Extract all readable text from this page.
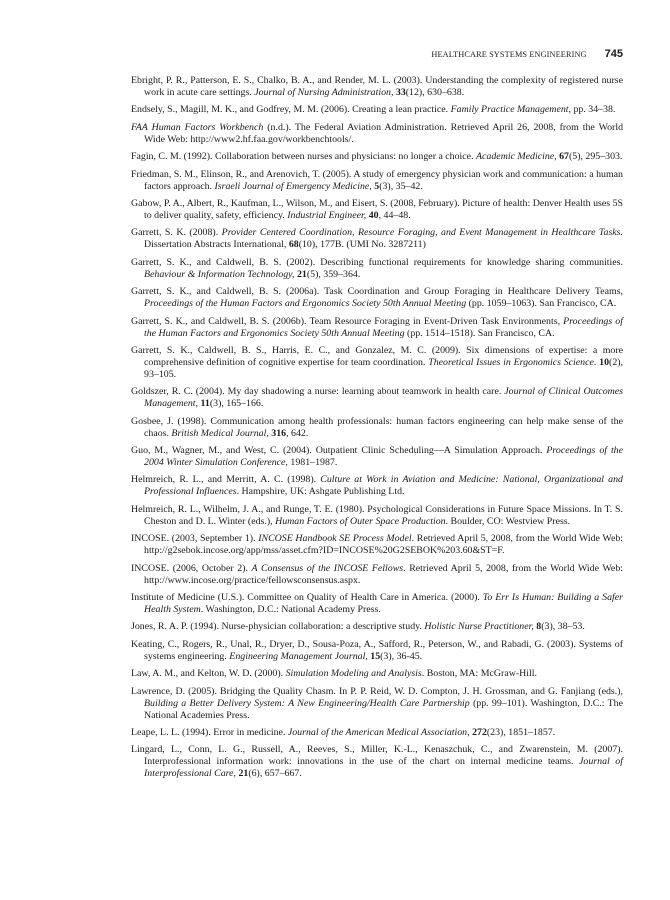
HEALTHCARE SYSTEMS ENGINEERING 745

Ebright, P. R., Patterson, E. S., Chalko, B. A., and Render, M. L. (2003). Understanding the complexity of registered nurse work in acute care settings. Journal of Nursing Administration, 33(12), 630–638.

Endsely, S., Magill, M. K., and Godfrey, M. M. (2006). Creating a lean practice. Family Practice Management, pp. 34–38.

FAA Human Factors Workbench (n.d.). The Federal Aviation Administration. Retrieved April 26, 2008, from the World Wide Web: http://www2.hf.faa.gov/workbenchtools/.

Fagin, C. M. (1992). Collaboration between nurses and physicians: no longer a choice. Academic Medicine, 67(5), 295–303.

Friedman, S. M., Elinson, R., and Arenovich, T. (2005). A study of emergency physician work and communication: a human factors approach. Israeli Journal of Emergency Medicine, 5(3), 35–42.

Gabow, P. A., Albert, R., Kaufman, L., Wilson, M., and Eisert, S. (2008, February). Picture of health: Denver Health uses 5S to deliver quality, safety, efficiency. Industrial Engineer, 40, 44–48.

Garrett, S. K. (2008). Provider Centered Coordination, Resource Foraging, and Event Management in Healthcare Tasks. Dissertation Abstracts International, 68(10), 177B. (UMI No. 3287211)

Garrett, S. K., and Caldwell, B. S. (2002). Describing functional requirements for knowledge sharing communities. Behaviour & Information Technology, 21(5), 359–364.

Garrett, S. K., and Caldwell, B. S. (2006a). Task Coordination and Group Foraging in Healthcare Delivery Teams, Proceedings of the Human Factors and Ergonomics Society 50th Annual Meeting (pp. 1059–1063). San Francisco, CA.

Garrett, S. K., and Caldwell, B. S. (2006b). Team Resource Foraging in Event-Driven Task Environments, Proceedings of the Human Factors and Ergonomics Society 50th Annual Meeting (pp. 1514–1518). San Francisco, CA.

Garrett, S. K., Caldwell, B. S., Harris, E. C., and Gonzalez, M. C. (2009). Six dimensions of expertise: a more comprehensive definition of cognitive expertise for team coordination. Theoretical Issues in Ergonomics Science. 10(2), 93–105.

Goldszer, R. C. (2004). My day shadowing a nurse: learning about teamwork in health care. Journal of Clinical Outcomes Management, 11(3), 165–166.

Gosbee, J. (1998). Communication among health professionals: human factors engineering can help make sense of the chaos. British Medical Journal, 316, 642.

Guo, M., Wagner, M., and West, C. (2004). Outpatient Clinic Scheduling—A Simulation Approach. Proceedings of the 2004 Winter Simulation Conference, 1981–1987.

Helmreich, R. L., and Merritt, A. C. (1998). Culture at Work in Aviation and Medicine: National, Organizational and Professional Influences. Hampshire, UK: Ashgate Publishing Ltd.

Helmreich, R. L., Wilhelm, J. A., and Runge, T. E. (1980). Psychological Considerations in Future Space Missions. In T. S. Cheston and D. L. Winter (eds.), Human Factors of Outer Space Production. Boulder, CO: Westview Press.

INCOSE. (2003, September 1). INCOSE Handbook SE Process Model. Retrieved April 5, 2008, from the World Wide Web: http://g2sebok.incose.org/app/mss/asset.cfm?ID=INCOSE%20G2SEBOK%203.60&ST=F.

INCOSE. (2006, October 2). A Consensus of the INCOSE Fellows. Retrieved April 5, 2008, from the World Wide Web: http://www.incose.org/practice/fellowsconsensus.aspx.

Institute of Medicine (U.S.). Committee on Quality of Health Care in America. (2000). To Err Is Human: Building a Safer Health System. Washington, D.C.: National Academy Press.

Jones, R. A. P. (1994). Nurse-physician collaboration: a descriptive study. Holistic Nurse Practitioner, 8(3), 38–53.

Keating, C., Rogers, R., Unal, R., Dryer, D., Sousa-Poza, A., Safford, R., Peterson, W., and Rabadi, G. (2003). Systems of systems engineering. Engineering Management Journal, 15(3), 36-45.

Law, A. M., and Kelton, W. D. (2000). Simulation Modeling and Analysis. Boston, MA: McGraw-Hill.

Lawrence, D. (2005). Bridging the Quality Chasm. In P. P. Reid, W. D. Compton, J. H. Grossman, and G. Fanjiang (eds.), Building a Better Delivery System: A New Engineering/Health Care Partnership (pp. 99–101). Washington, D.C.: The National Academies Press.

Leape, L. L. (1994). Error in medicine. Journal of the American Medical Association, 272(23), 1851–1857.

Lingard, L., Conn, L. G., Russell, A., Reeves, S., Miller, K.-L., Kenaszchuk, C., and Zwarenstein, M. (2007). Interprofessional information work: innovations in the use of the chart on internal medicine teams. Journal of Interprofessional Care, 21(6), 657–667.
